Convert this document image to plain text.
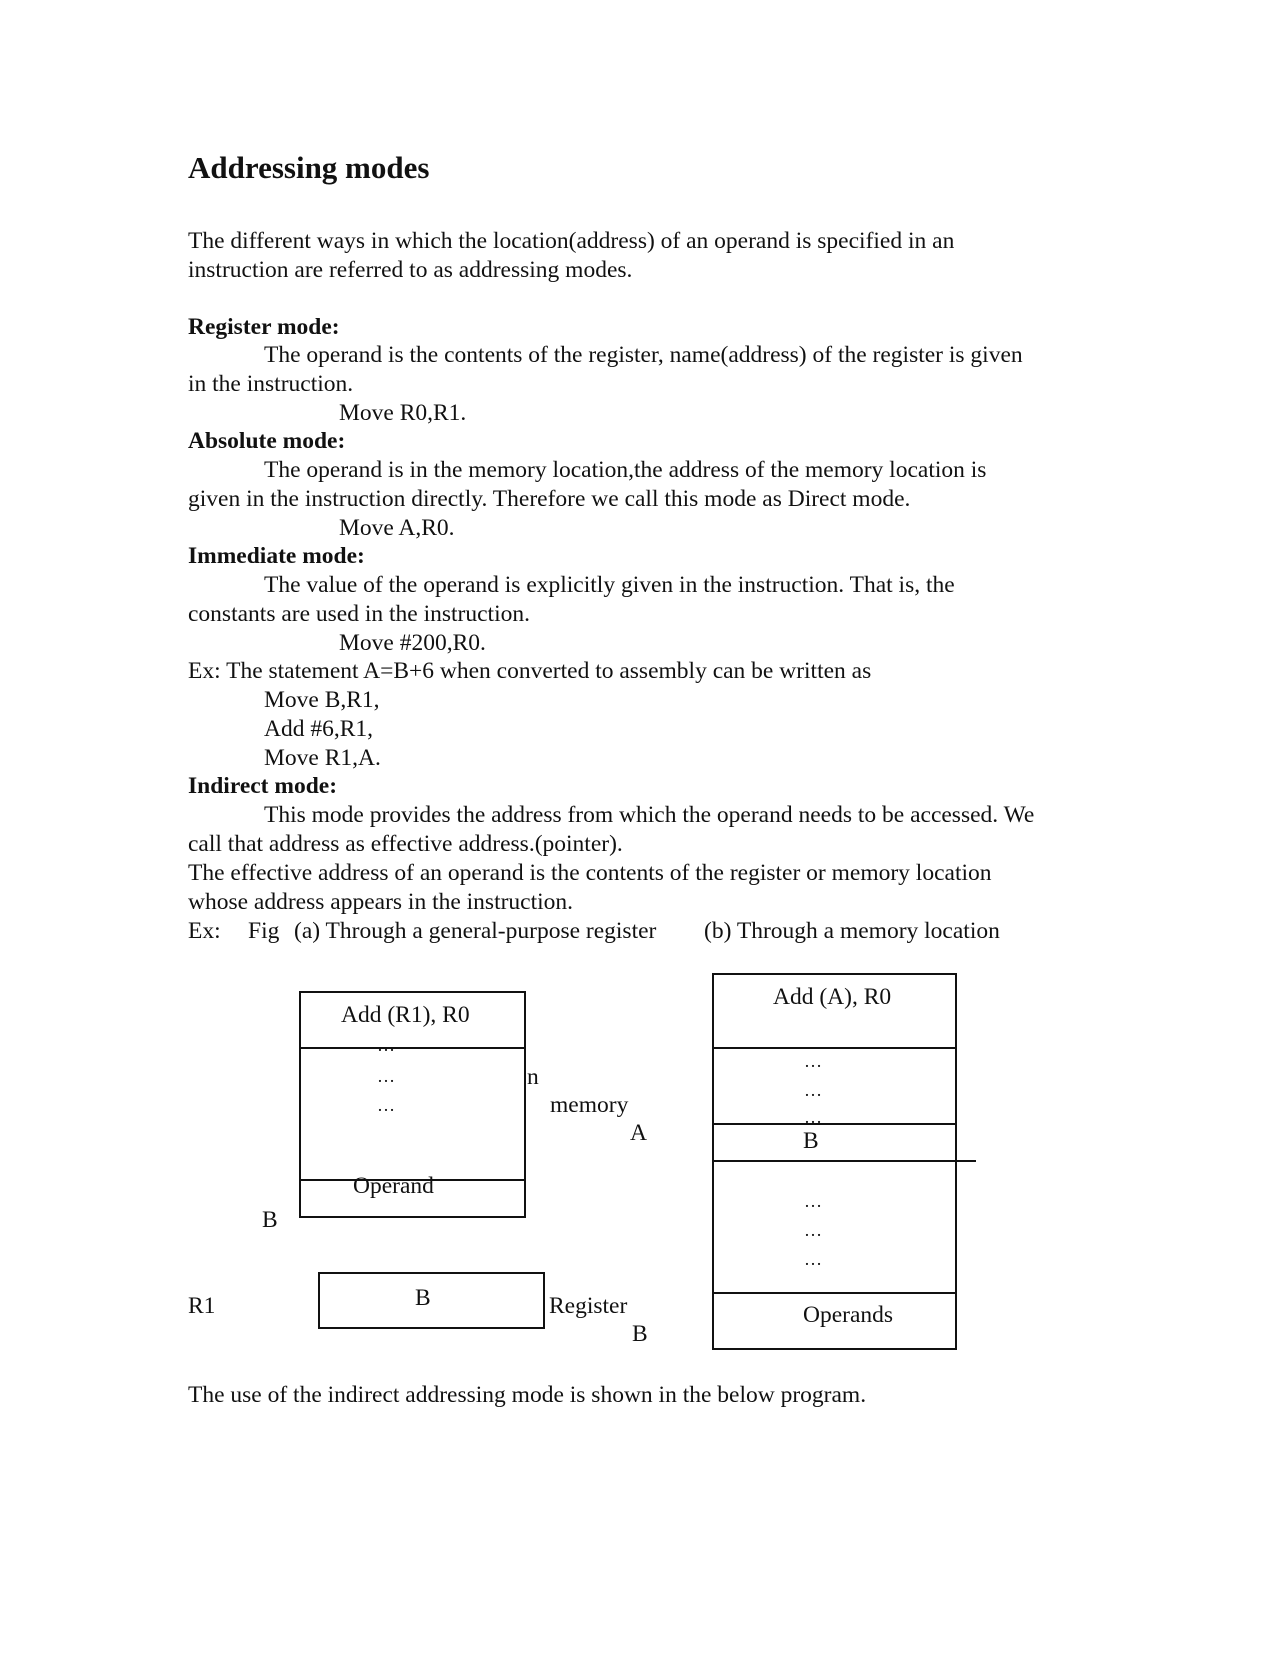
Addressing modes

The different ways in which the location(address) of an operand is specified in an

instruction are referred to as addressing modes.

Register mode:

The operand is the contents of the register, name(address) of the register is given

in the instruction.

Move R0,R1.

Absolute mode:

The operand is in the memory location,the address of the memory location is

given in the instruction directly. Therefore we call this mode as Direct mode.

Move A,R0.

Immediate mode:

The value of the operand is explicitly given in the instruction. That is, the

constants are used in the instruction.

Move #200,R0.

Ex: The statement A=B+6 when converted to assembly can be written as

Move B,R1,

Add #6,R1,

Move R1,A.

Indirect mode:

This mode provides the address from which the operand needs to be accessed. We

call that address as effective address.(pointer).

The effective address of an operand is the contents of the register or memory location

whose address appears in the instruction.

Ex: Fig (a) Through a general-purpose register (b) Through a memory location

Add (R1), R0
…
…
…
Operand
B
B
R1
n
memory
A
Register
B
Add (A), R0
…
…
…
B
…
…
…
Operands

The use of the indirect addressing mode is shown in the below program.
